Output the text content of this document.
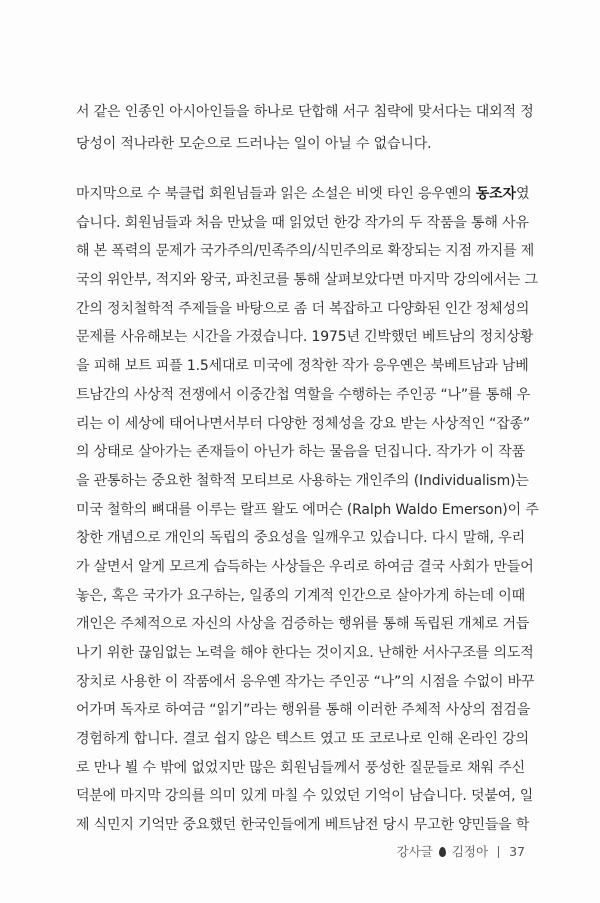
서 같은 인종인 아시아인들을 하나로 단합해 서구 침략에 맞서다는 대외적 정
당성이 적나라한 모순으로 드러나는 일이 아닐 수 없습니다.
마지막으로 수 북클럽 회원님들과 읽은 소설은 비엣 타인 응우옌의 동조자였
습니다. 회원님들과 처음 만났을 때 읽었던 한강 작가의 두 작품을 통해 사유
해 본 폭력의 문제가 국가주의/민족주의/식민주의로 확장되는 지점 까지를 제
국의 위안부, 적지와 왕국, 파친코를 통해 살펴보았다면 마지막 강의에서는 그
간의 정치철학적 주제들을 바탕으로 좀 더 복잡하고 다양화된 인간 정체성의
문제를 사유해보는 시간을 가졌습니다. 1975년 긴박했던 베트남의 정치상황
을 피해 보트 피플 1.5세대로 미국에 정착한 작가 응우옌은 북베트남과 남베
트남간의 사상적 전쟁에서 이중간첩 역할을 수행하는 주인공 “나”를 통해 우
리는 이 세상에 태어나면서부터 다양한 정체성을 강요 받는 사상적인 “잡종”
의 상태로 살아가는 존재들이 아닌가 하는 물음을 던집니다. 작가가 이 작품
을 관통하는 중요한 철학적 모티브로 사용하는 개인주의 (Individualism)는
미국 철학의 뼈대를 이루는 랄프 왈도 에머슨 (Ralph Waldo Emerson)이 주
창한 개념으로 개인의 독립의 중요성을 일깨우고 있습니다. 다시 말해, 우리
가 살면서 알게 모르게 습득하는 사상들은 우리로 하여금 결국 사회가 만들어
놓은, 혹은 국가가 요구하는, 일종의 기계적 인간으로 살아가게 하는데 이때
개인은 주체적으로 자신의 사상을 검증하는 행위를 통해 독립된 개체로 거듭
나기 위한 끊임없는 노력을 해야 한다는 것이지요. 난해한 서사구조를 의도적
장치로 사용한 이 작품에서 응우옌 작가는 주인공 “나”의 시점을 수없이 바꾸
어가며 독자로 하여금 “읽기”라는 행위를 통해 이러한 주체적 사상의 점검을
경험하게 합니다. 결코 쉽지 않은 텍스트 였고 또 코로나로 인해 온라인 강의
로 만나 뵐 수 밖에 없었지만 많은 회원님들께서 풍성한 질문들로 채워 주신
덕분에 마지막 강의를 의미 있게 마칠 수 있었던 기억이 남습니다. 덧붙여, 일
제 식민지 기억만 중요했던 한국인들에게 베트남전 당시 무고한 양민들을 학
강사글 김정아 37
